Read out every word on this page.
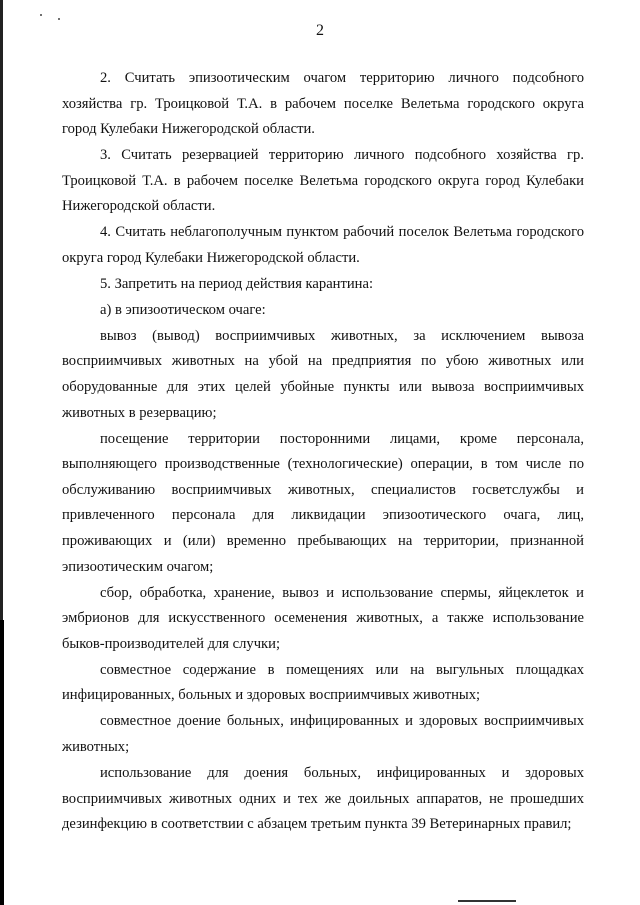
2

2. Считать эпизоотическим очагом территорию личного подсобного хозяйства гр. Троицковой Т.А. в рабочем поселке Велетьма городского округа город Кулебаки Нижегородской области.

3. Считать резервацией территорию личного подсобного хозяйства гр. Троицковой Т.А. в рабочем поселке Велетьма городского округа город Кулебаки Нижегородской области.

4. Считать неблагополучным пунктом рабочий поселок Велетьма городского округа город Кулебаки Нижегородской области.

5. Запретить на период действия карантина:

а) в эпизоотическом очаге:

вывоз (вывод) восприимчивых животных, за исключением вывоза восприимчивых животных на убой на предприятия по убою животных или оборудованные для этих целей убойные пункты или вывоза восприимчивых животных в резервацию;

посещение территории посторонними лицами, кроме персонала, выполняющего производственные (технологические) операции, в том числе по обслуживанию восприимчивых животных, специалистов госветслужбы и привлеченного персонала для ликвидации эпизоотического очага, лиц, проживающих и (или) временно пребывающих на территории, признанной эпизоотическим очагом;

сбор, обработка, хранение, вывоз и использование спермы, яйцеклеток и эмбрионов для искусственного осеменения животных, а также использование быков-производителей для случки;

совместное содержание в помещениях или на выгульных площадках инфицированных, больных и здоровых восприимчивых животных;

совместное доение больных, инфицированных и здоровых восприимчивых животных;

использование для доения больных, инфицированных и здоровых восприимчивых животных одних и тех же доильных аппаратов, не прошедших дезинфекцию в соответствии с абзацем третьим пункта 39 Ветеринарных правил;
